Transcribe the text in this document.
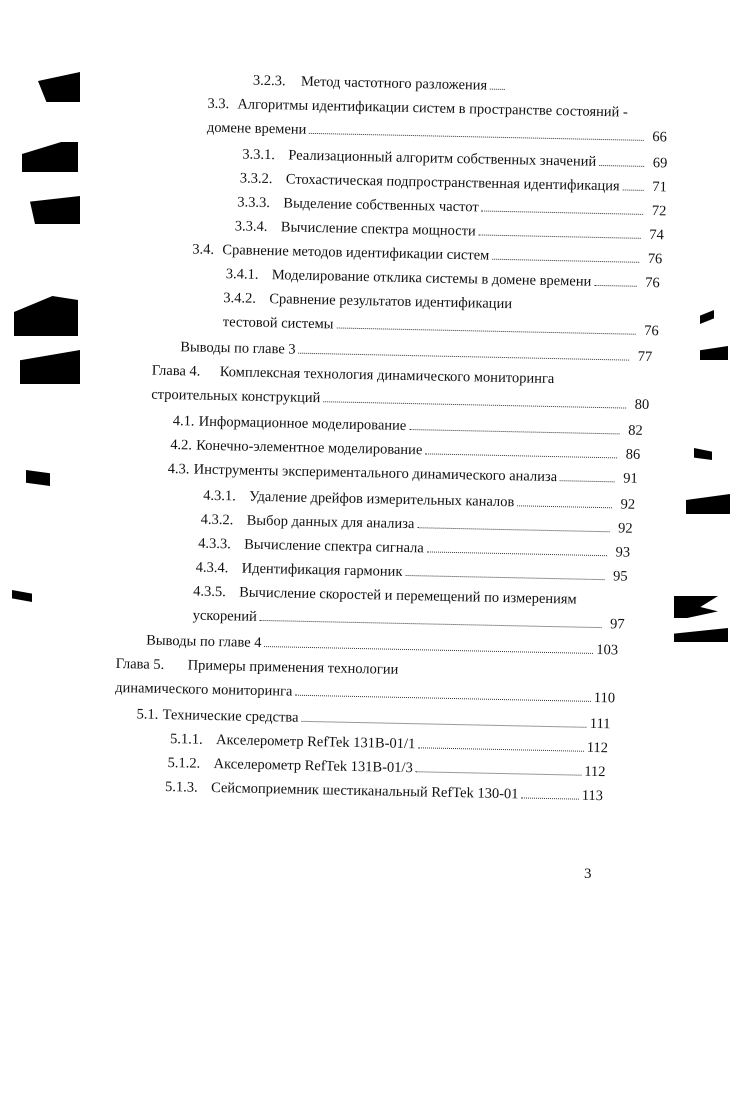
3.2.3.	Метод частотного разложения
3.3. Алгоритмы идентификации систем в пространстве состояний -
домене времени	66
3.3.1. Реализационный алгоритм собственных значений	69
3.3.2. Стохастическая подпространственная идентификация	71
3.3.3. Выделение собственных частот	72
3.3.4. Вычисление спектра мощности	74
3.4. Сравнение методов идентификации систем	76
3.4.1. Моделирование отклика системы в домене времени	76
3.4.2. Сравнение результатов идентификации
тестовой системы	76
Выводы по главе 3	77
Глава 4.	Комплексная технология динамического мониторинга
строительных конструкций	80
4.1. Информационное моделирование	82
4.2. Конечно-элементное моделирование	86
4.3. Инструменты экспериментального динамического анализа	91
4.3.1. Удаление дрейфов измерительных каналов	92
4.3.2. Выбор данных для анализа	92
4.3.3. Вычисление спектра сигнала	93
4.3.4. Идентификация гармоник	95
4.3.5. Вычисление скоростей и перемещений по измерениям
ускорений	97
Выводы по главе 4	103
Глава 5.	Примеры применения технологии
динамического мониторинга	110
5.1. Технические средства	111
5.1.1. Акселерометр RefTek 131B-01/1	112
5.1.2. Акселерометр RefTek 131B-01/3	112
5.1.3. Сейсмоприемник шестиканальный RefTek 130-01	113
3
